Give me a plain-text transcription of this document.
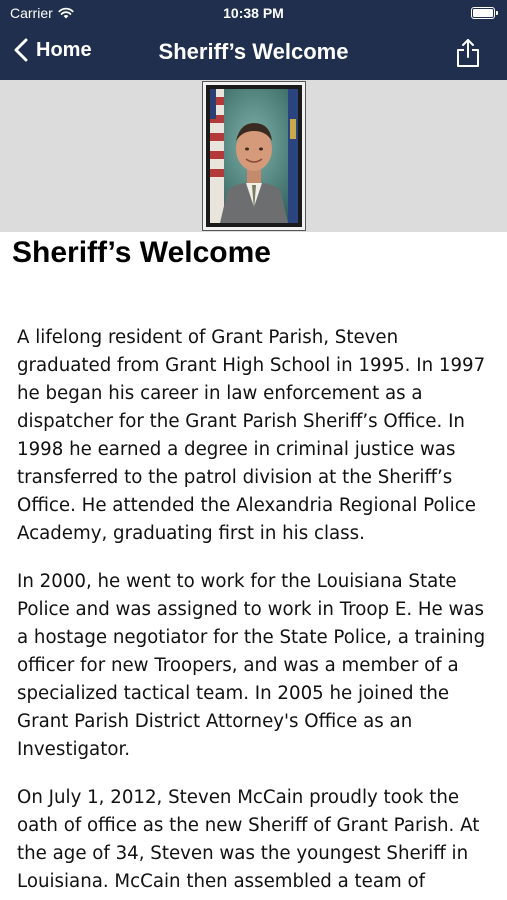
Carrier	10:38 PM
Home	Sheriff’s Welcome
Sheriff’s Welcome

A lifelong resident of Grant Parish, Steven graduated from Grant High School in 1995. In 1997 he began his career in law enforcement as a dispatcher for the Grant Parish Sheriff’s Office. In 1998 he earned a degree in criminal justice was transferred to the patrol division at the Sheriff’s Office. He attended the Alexandria Regional Police Academy, graduating first in his class.

In 2000, he went to work for the Louisiana State Police and was assigned to work in Troop E. He was a hostage negotiator for the State Police, a training officer for new Troopers, and was a member of a specialized tactical team. In 2005 he joined the Grant Parish District Attorney's Office as an Investigator.

On July 1, 2012, Steven McCain proudly took the oath of office as the new Sheriff of Grant Parish. At the age of 34, Steven was the youngest Sheriff in Louisiana. McCain then assembled a team of
